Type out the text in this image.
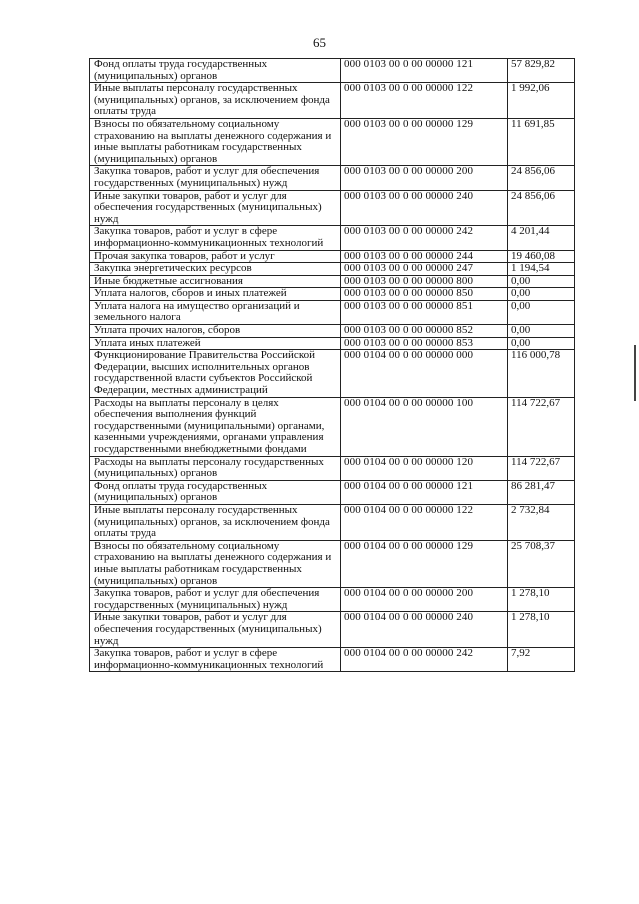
65
Фонд оплаты труда государственных (муниципальных) органов	000 0103 00 0 00 00000 121	57 829,82
Иные выплаты персоналу государственных (муниципальных) органов, за исключением фонда оплаты труда	000 0103 00 0 00 00000 122	1 992,06
Взносы по обязательному социальному страхованию на выплаты денежного содержания и иные выплаты работникам государственных (муниципальных) органов	000 0103 00 0 00 00000 129	11 691,85
Закупка товаров, работ и услуг для обеспечения государственных (муниципальных) нужд	000 0103 00 0 00 00000 200	24 856,06
Иные закупки товаров, работ и услуг для обеспечения государственных (муниципальных) нужд	000 0103 00 0 00 00000 240	24 856,06
Закупка товаров, работ и услуг в сфере информационно-коммуникационных технологий	000 0103 00 0 00 00000 242	4 201,44
Прочая закупка товаров, работ и услуг	000 0103 00 0 00 00000 244	19 460,08
Закупка энергетических ресурсов	000 0103 00 0 00 00000 247	1 194,54
Иные бюджетные ассигнования	000 0103 00 0 00 00000 800	0,00
Уплата налогов, сборов и иных платежей	000 0103 00 0 00 00000 850	0,00
Уплата налога на имущество организаций и земельного налога	000 0103 00 0 00 00000 851	0,00
Уплата прочих налогов, сборов	000 0103 00 0 00 00000 852	0,00
Уплата иных платежей	000 0103 00 0 00 00000 853	0,00
Функционирование Правительства Российской Федерации, высших исполнительных органов государственной власти субъектов Российской Федерации, местных администраций	000 0104 00 0 00 00000 000	116 000,78
Расходы на выплаты персоналу в целях обеспечения выполнения функций государственными (муниципальными) органами, казенными учреждениями, органами управления государственными внебюджетными фондами	000 0104 00 0 00 00000 100	114 722,67
Расходы на выплаты персоналу государственных (муниципальных) органов	000 0104 00 0 00 00000 120	114 722,67
Фонд оплаты труда государственных (муниципальных) органов	000 0104 00 0 00 00000 121	86 281,47
Иные выплаты персоналу государственных (муниципальных) органов, за исключением фонда оплаты труда	000 0104 00 0 00 00000 122	2 732,84
Взносы по обязательному социальному страхованию на выплаты денежного содержания и иные выплаты работникам государственных (муниципальных) органов	000 0104 00 0 00 00000 129	25 708,37
Закупка товаров, работ и услуг для обеспечения государственных (муниципальных) нужд	000 0104 00 0 00 00000 200	1 278,10
Иные закупки товаров, работ и услуг для обеспечения государственных (муниципальных) нужд	000 0104 00 0 00 00000 240	1 278,10
Закупка товаров, работ и услуг в сфере информационно-коммуникационных технологий	000 0104 00 0 00 00000 242	7,92
